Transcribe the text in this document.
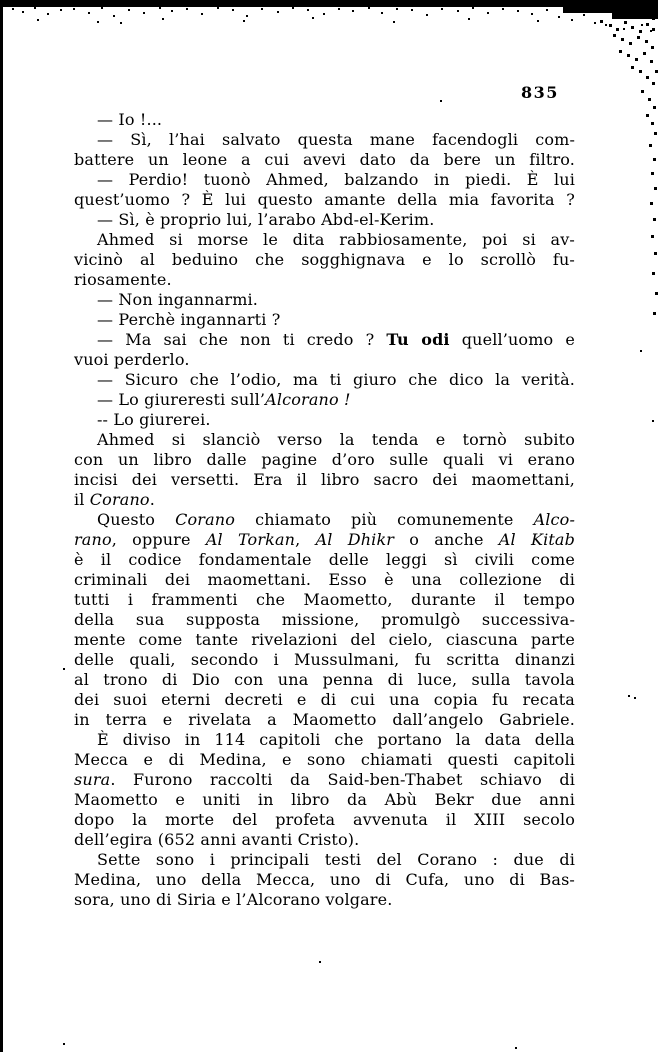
835
— Io !...
— Sì, l’hai salvato questa mane facendogli com-
battere un leone a cui avevi dato da bere un filtro.
— Perdio! tuonò Ahmed, balzando in piedi. È lui
quest’uomo ? È lui questo amante della mia favorita ?
— Sì, è proprio lui, l’arabo Abd-el-Kerim.
Ahmed si morse le dita rabbiosamente, poi si av-
vicinò al beduino che sogghignava e lo scrollò fu-
riosamente.
— Non ingannarmi.
— Perchè ingannarti ?
— Ma sai che non ti credo ? Tu odi quell’uomo e
vuoi perderlo.
— Sicuro che l’odio, ma ti giuro che dico la verità.
— Lo giureresti sull’Alcorano !
-- Lo giurerei.
Ahmed si slanciò verso la tenda e tornò subito
con un libro dalle pagine d’oro sulle quali vi erano
incisi dei versetti. Era il libro sacro dei maomettani,
il Corano.
Questo Corano chiamato più comunemente Alco-
rano, oppure Al Torkan, Al Dhikr o anche Al Kitab
è il codice fondamentale delle leggi sì civili come
criminali dei maomettani. Esso è una collezione di
tutti i frammenti che Maometto, durante il tempo
della sua supposta missione, promulgò successiva-
mente come tante rivelazioni del cielo, ciascuna parte
delle quali, secondo i Mussulmani, fu scritta dinanzi
al trono di Dio con una penna di luce, sulla tavola
dei suoi eterni decreti e di cui una copia fu recata
in terra e rivelata a Maometto dall’angelo Gabriele.
È diviso in 114 capitoli che portano la data della
Mecca e di Medina, e sono chiamati questi capitoli
sura. Furono raccolti da Said-ben-Thabet schiavo di
Maometto e uniti in libro da Abù Bekr due anni
dopo la morte del profeta avvenuta il XIII secolo
dell’egira (652 anni avanti Cristo).
Sette sono i principali testi del Corano : due di
Medina, uno della Mecca, uno di Cufa, uno di Bas-
sora, uno di Siria e l’Alcorano volgare.
